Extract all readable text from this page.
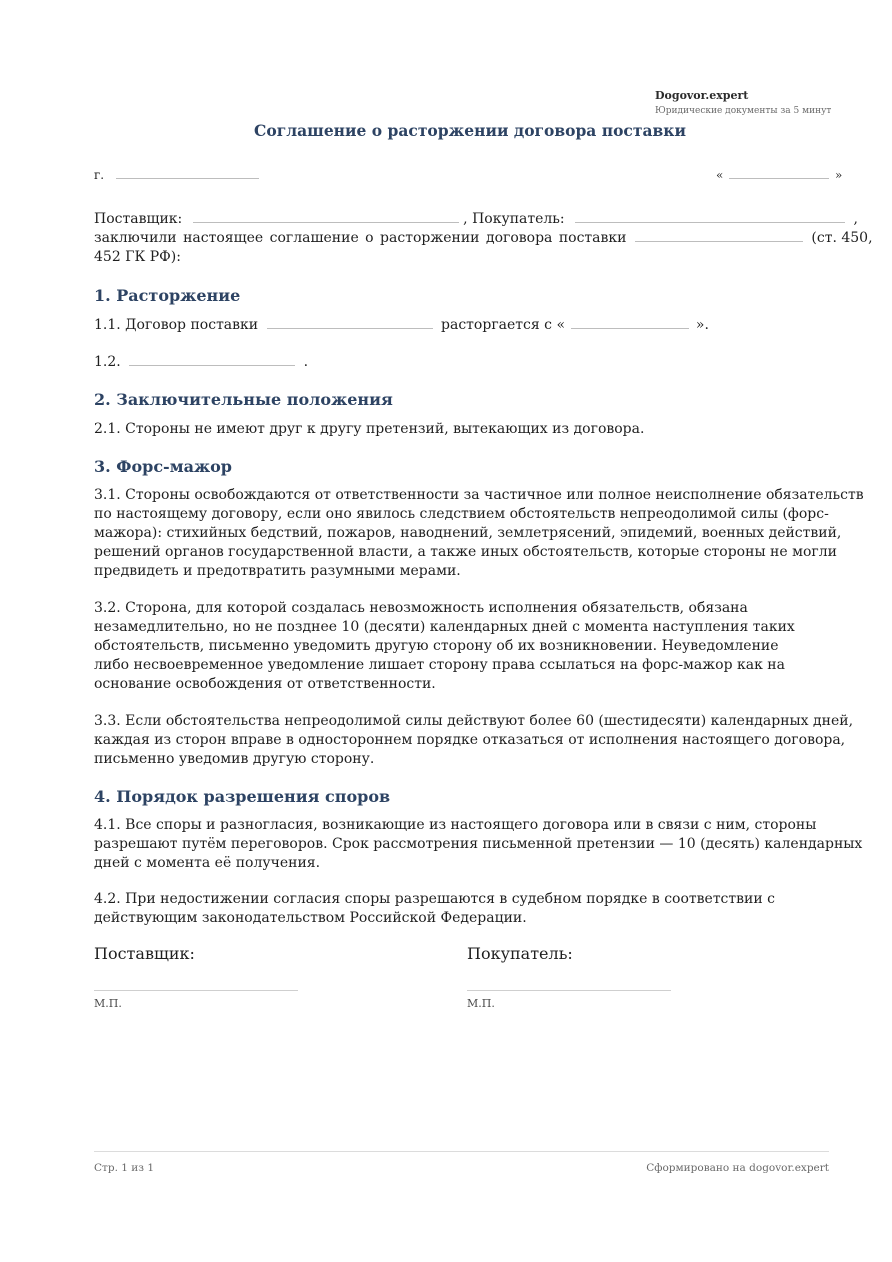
Dogovor.expert
Юридические документы за 5 минут
Соглашение о расторжении договора поставки
г.	«	»
Поставщик:	, Покупатель:	,
заключили настоящее соглашение о расторжении договора поставки	(ст. 450,
452 ГК РФ):
1. Расторжение
1.1. Договор поставки	расторгается с «	».
1.2.	.
2. Заключительные положения
2.1. Стороны не имеют друг к другу претензий, вытекающих из договора.
3. Форс-мажор
3.1. Стороны освобождаются от ответственности за частичное или полное неисполнение обязательств по настоящему договору, если оно явилось следствием обстоятельств непреодолимой силы (форс-мажора): стихийных бедствий, пожаров, наводнений, землетрясений, эпидемий, военных действий, решений органов государственной власти, а также иных обстоятельств, которые стороны не могли предвидеть и предотвратить разумными мерами.
3.2. Сторона, для которой создалась невозможность исполнения обязательств, обязана незамедлительно, но не позднее 10 (десяти) календарных дней с момента наступления таких обстоятельств, письменно уведомить другую сторону об их возникновении. Неуведомление либо несвоевременное уведомление лишает сторону права ссылаться на форс-мажор как на основание освобождения от ответственности.
3.3. Если обстоятельства непреодолимой силы действуют более 60 (шестидесяти) календарных дней, каждая из сторон вправе в одностороннем порядке отказаться от исполнения настоящего договора, письменно уведомив другую сторону.
4. Порядок разрешения споров
4.1. Все споры и разногласия, возникающие из настоящего договора или в связи с ним, стороны разрешают путём переговоров. Срок рассмотрения письменной претензии — 10 (десять) календарных дней с момента её получения.
4.2. При недостижении согласия споры разрешаются в судебном порядке в соответствии с действующим законодательством Российской Федерации.
Поставщик:
М.П.
Покупатель:
М.П.
Стр. 1 из 1	Сформировано на dogovor.expert
